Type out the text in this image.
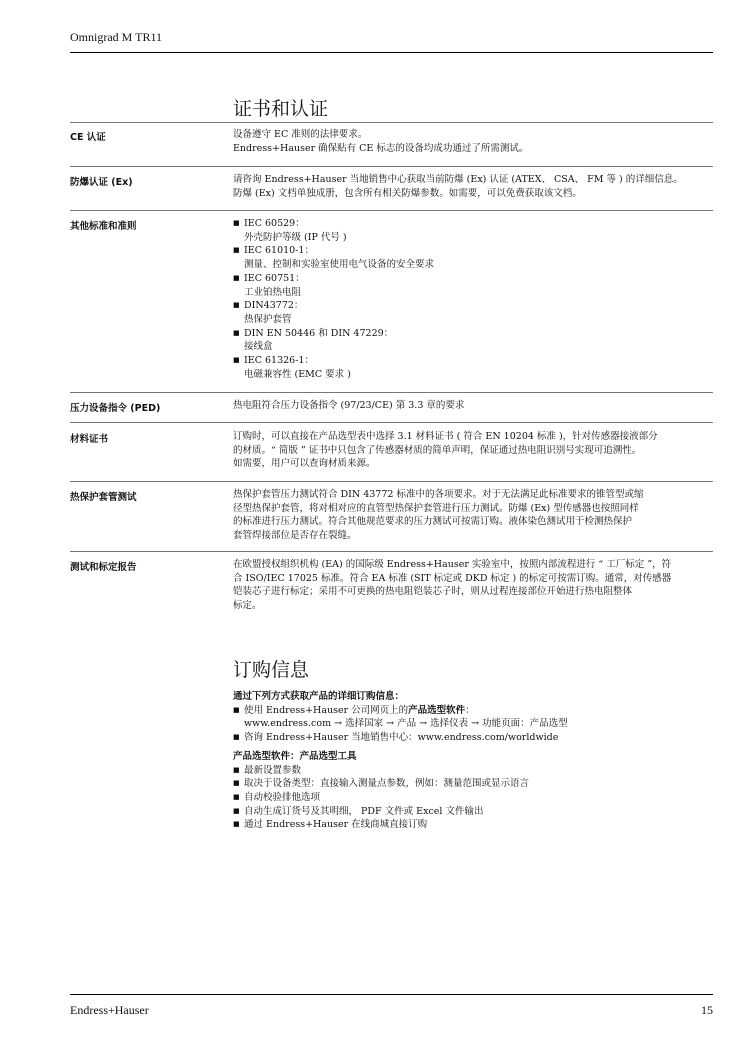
Omnigrad M TR11
证书和认证
CE 认证	设备遵守 EC 准则的法律要求。

Endress+Hauser 确保贴有 CE 标志的设备均成功通过了所需测试。

防爆认证 (Ex)	请咨询 Endress+Hauser 当地销售中心获取当前防爆 (Ex) 认证 (ATEX、 CSA、 FM 等 ) 的详细信息。

防爆 (Ex) 文档单独成册，包含所有相关防爆参数。如需要，可以免费获取该文档。

其他标准和准则
■	IEC 60529：
外壳防护等级 (IP 代号 )
■ IEC 61010-1：
测量、控制和实验室使用电气设备的安全要求
■ IEC 60751：
工业铂热电阻
■ DIN43772：
热保护套管
■ DIN EN 50446 和 DIN 47229：
接线盒
■ IEC 61326-1：
电磁兼容性 (EMC 要求 )
压力设备指令 (PED)	热电阻符合压力设备指令 (97/23/CE) 第 3.3 章的要求

材料证书	订购时，可以直接在产品选型表中选择 3.1 材料证书 ( 符合 EN 10204 标准 )，针对传感器接液部分

的材质。“ 简版 ” 证书中只包含了传感器材质的简单声明，保证通过热电阻识别号实现可追溯性。

如需要，用户可以查询材质来源。

热保护套管测试	热保护套管压力测试符合 DIN 43772 标准中的各项要求。对于无法满足此标准要求的锥管型或缩

径型热保护套管，将对相对应的直管型热保护套管进行压力测试。防爆 (Ex) 型传感器也按照同样

的标准进行压力测试。符合其他规范要求的压力测试可按需订购。液体染色测试用于检测热保护

套管焊接部位是否存在裂缝。

测试和标定报告	在欧盟授权组织机构 (EA) 的国际级 Endress+Hauser 实验室中，按照内部流程进行 “ 工厂标定 ”，符

合 ISO/IEC 17025 标准。符合 EA 标准 (SIT 标定或 DKD 标定 ) 的标定可按需订购。通常，对传感器

铠装芯子进行标定；采用不可更换的热电阻铠装芯子时，则从过程连接部位开始进行热电阻整体

标定。

订购信息

通过下列方式获取产品的详细订购信息：

■ 使用 Endress+Hauser 公司网页上的产品选型软件：
www.endress.com → 选择国家 → 产品 → 选择仪表 → 功能页面：产品选型
■ 咨询 Endress+Hauser 当地销售中心：www.endress.com/worldwide

产品选型软件：产品选型工具

■ 最新设置参数
■ 取决于设备类型：直接输入测量点参数，例如：测量范围或显示语言
■ 自动校验排他选项
■ 自动生成订货号及其明细， PDF 文件或 Excel 文件输出
■ 通过 Endress+Hauser 在线商城直接订购
Endress+Hauser	15
